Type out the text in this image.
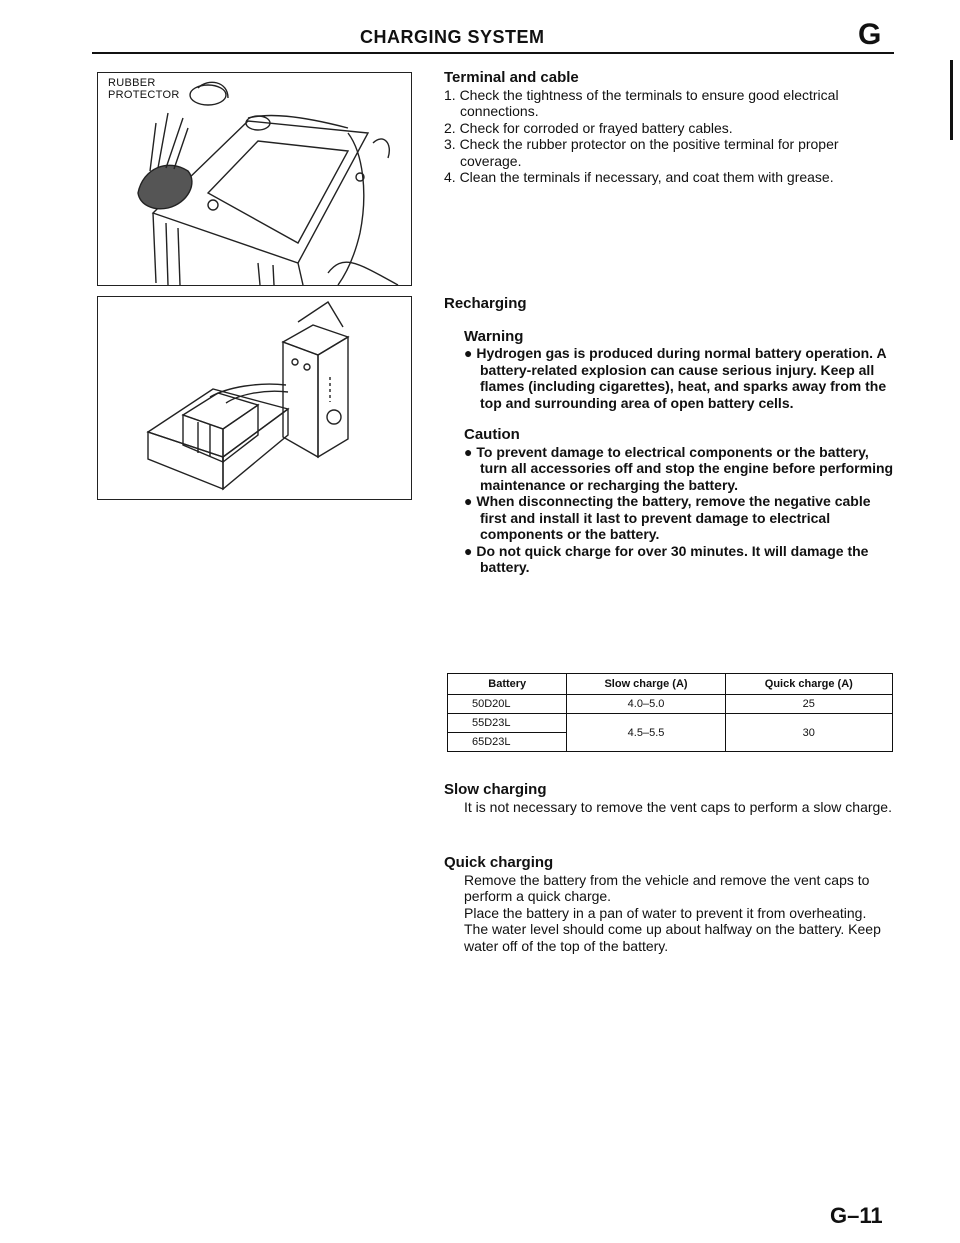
CHARGING SYSTEM	G
RUBBER
PROTECTOR
Terminal and cable
1. Check the tightness of the terminals to ensure good electrical connections.
2. Check for corroded or frayed battery cables.
3. Check the rubber protector on the positive terminal for proper coverage.
4. Clean the terminals if necessary, and coat them with grease.
Recharging
Warning
● Hydrogen gas is produced during normal battery operation. A battery-related explosion can cause serious injury. Keep all flames (including cigarettes), heat, and sparks away from the top and surrounding area of open battery cells.
Caution
● To prevent damage to electrical components or the battery, turn all accessories off and stop the engine before performing maintenance or recharging the battery.
● When disconnecting the battery, remove the negative cable first and install it last to prevent damage to electrical components or the battery.
● Do not quick charge for over 30 minutes. It will damage the battery.
Battery	Slow charge (A)	Quick charge (A)
50D20L	4.0–5.0	25
55D23L	4.5–5.5	30
65D23L		
Slow charging
It is not necessary to remove the vent caps to perform a slow charge.
Quick charging
Remove the battery from the vehicle and remove the vent caps to perform a quick charge.
Place the battery in a pan of water to prevent it from overheating. The water level should come up about halfway on the battery. Keep water off of the top of the battery.
G–11
